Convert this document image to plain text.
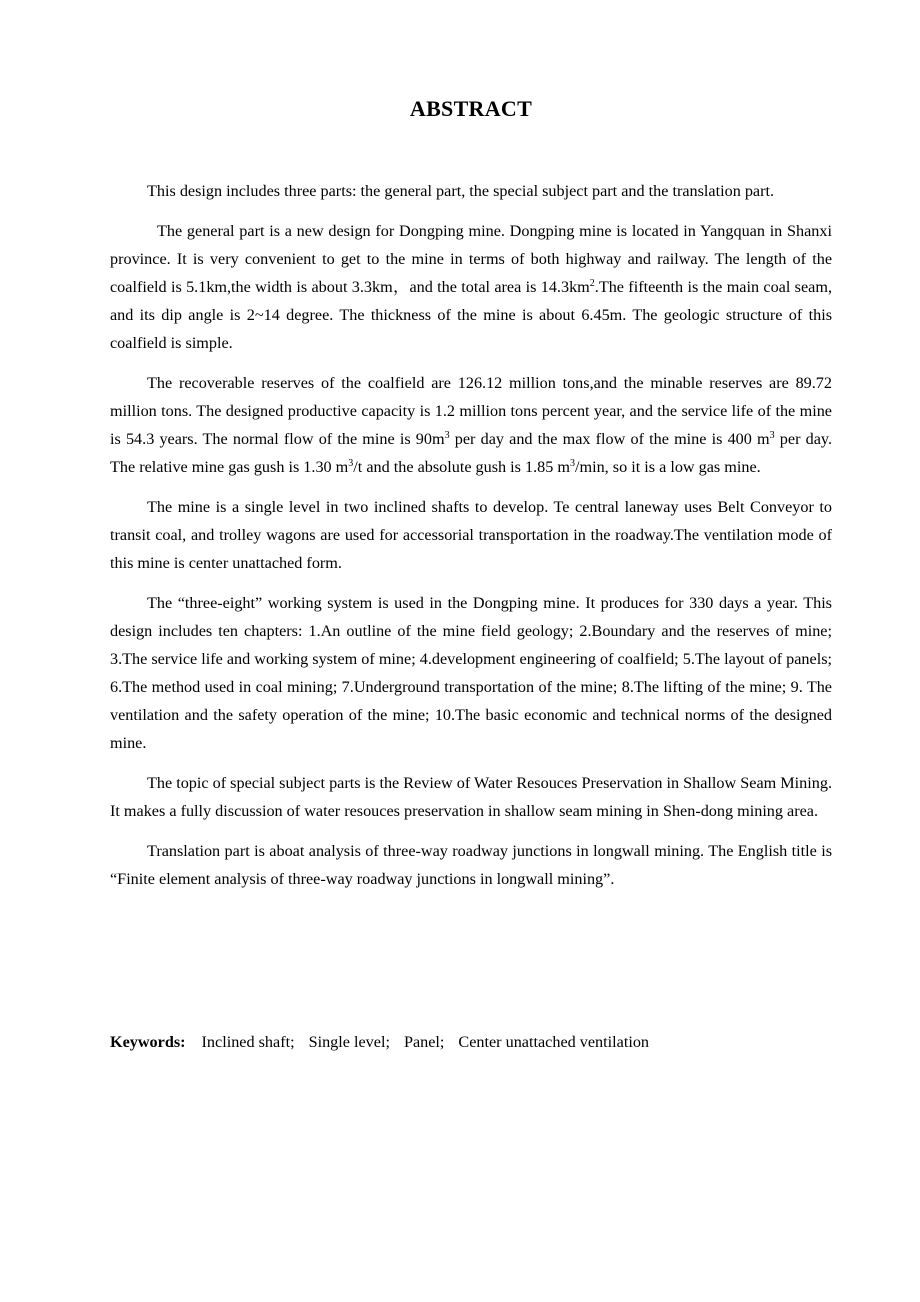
ABSTRACT

This design includes three parts: the general part, the special subject part and the translation part.

The general part is a new design for Dongping mine. Dongping mine is located in Yangquan in Shanxi province. It is very convenient to get to the mine in terms of both highway and railway. The length of the coalfield is 5.1km,the width is about 3.3km，and the total area is $14.3km^2.The$ fifteenth is the main coal seam, and its dip angle is 2~14 degree. The thickness of the mine is about 6.45m. The geologic structure of this coalfield is simple.

The recoverable reserves of the coalfield are 126.12 million tons,and the minable reserves are 89.72 million tons. The designed productive capacity is 1.2 million tons percent year, and the service life of the mine is 54.3 years. The normal flow of the mine is $90m^3$ per day and the max flow of the mine is 400 $m^3$ per day. The relative mine gas gush is 1.30 $m^3/t$ and the absolute gush is 1.85 $m^3/\min$, so it is a low gas mine.

The mine is a single level in two inclined shafts to develop. Te central laneway uses Belt Conveyor to transit coal, and trolley wagons are used for accessorial transportation in the roadway.The ventilation mode of this mine is center unattached form.

The “three-eight” working system is used in the Dongping mine. It produces for 330 days a year. This design includes ten chapters: 1.An outline of the mine field geology; 2.Boundary and the reserves of mine; 3.The service life and working system of mine; 4.development engineering of coalfield; 5.The layout of panels; 6.The method used in coal mining; 7.Underground transportation of the mine; 8.The lifting of the mine; 9. The ventilation and the safety operation of the mine; 10.The basic economic and technical norms of the designed mine.

The topic of special subject parts is the Review of Water Resouces Preservation in Shallow Seam Mining. It makes a fully discussion of water resouces preservation in shallow seam mining in Shen-dong mining area.

Translation part is aboat analysis of three-way roadway junctions in longwall mining. The English title is “Finite element analysis of three-way roadway junctions in longwall mining”.

Keywords: Inclined shaft; Single level; Panel; Center unattached ventilation
